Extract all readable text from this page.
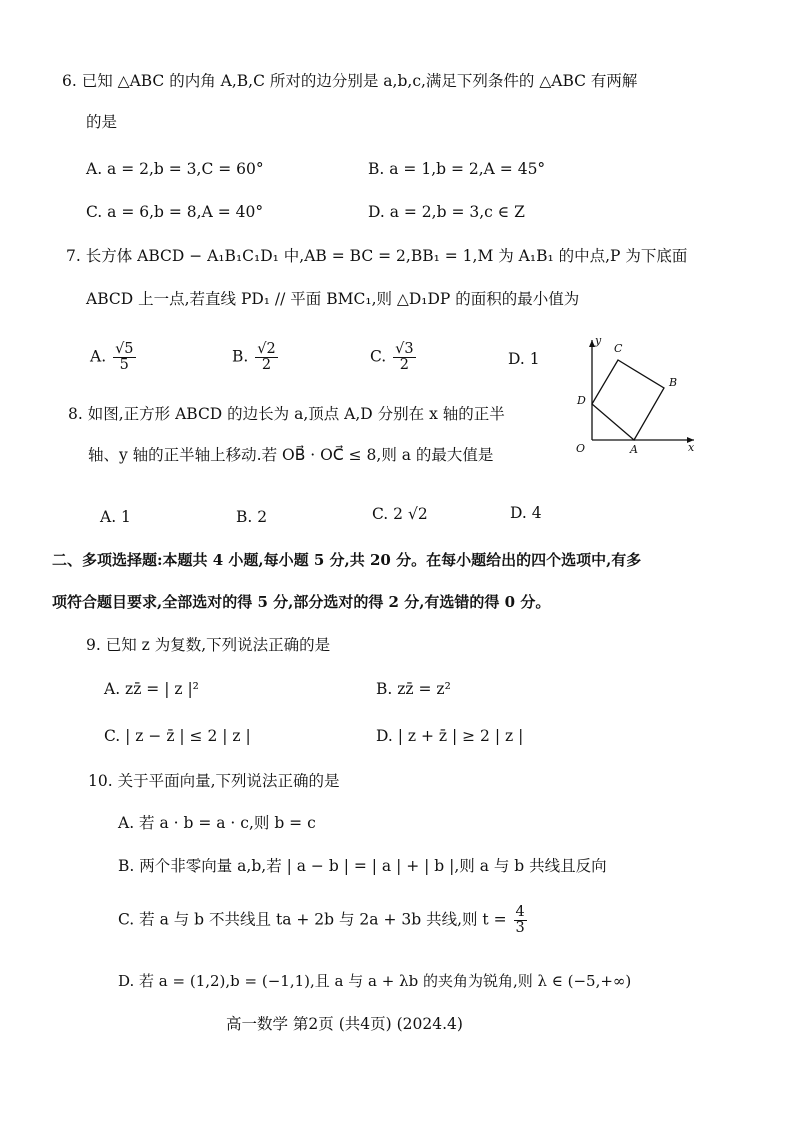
6. 已知 △ABC 的内角 A,B,C 所对的边分别是 a,b,c,满足下列条件的 △ABC 有两解
的是
A. a = 2,b = 3,C = 60°	B. a = 1,b = 2,A = 45°
C. a = 6,b = 8,A = 40°	D. a = 2,b = 3,c ∈ Z
7. 长方体 ABCD − A₁B₁C₁D₁ 中,AB = BC = 2,BB₁ = 1,M 为 A₁B₁ 的中点,P 为下底面
ABCD 上一点,若直线 PD₁ // 平面 BMC₁,则 △D₁DP 的面积的最小值为
A. $\frac{√5}{5}$	B. $\frac{√2}{2}$	C. $\frac{√3}{2}$	D. 1
y
x
O	A
B
C
D
8. 如图,正方形 ABCD 的边长为 a,顶点 A,D 分别在 x 轴的正半
轴、y 轴的正半轴上移动.若 OB⃗ · OC⃗ ≤ 8,则 a 的最大值是
A. 1	B. 2	C. 2 √2	D. 4
二、多项选择题:本题共 4 小题,每小题 5 分,共 20 分。在每小题给出的四个选项中,有多
项符合题目要求,全部选对的得 5 分,部分选对的得 2 分,有选错的得 0 分。
9. 已知 z 为复数,下列说法正确的是
A. zz̄ = | z |²	B. zz̄ = z²
C. | z − z̄ | ≤ 2 | z |	D. | z + z̄ | ≥ 2 | z |
10. 关于平面向量,下列说法正确的是
A. 若 a · b = a · c,则 b = c
B. 两个非零向量 a,b,若 | a − b | = | a | + | b |,则 a 与 b 共线且反向
C. 若 a 与 b 不共线且 ta + 2b 与 2a + 3b 共线,则 $t = \frac{4}{3}$
D. 若 a = (1,2),b = (−1,1),且 a 与 a + λb 的夹角为锐角,则 λ ∈ (−5,+∞)
高一数学 第2页 (共4页) (2024.4)
